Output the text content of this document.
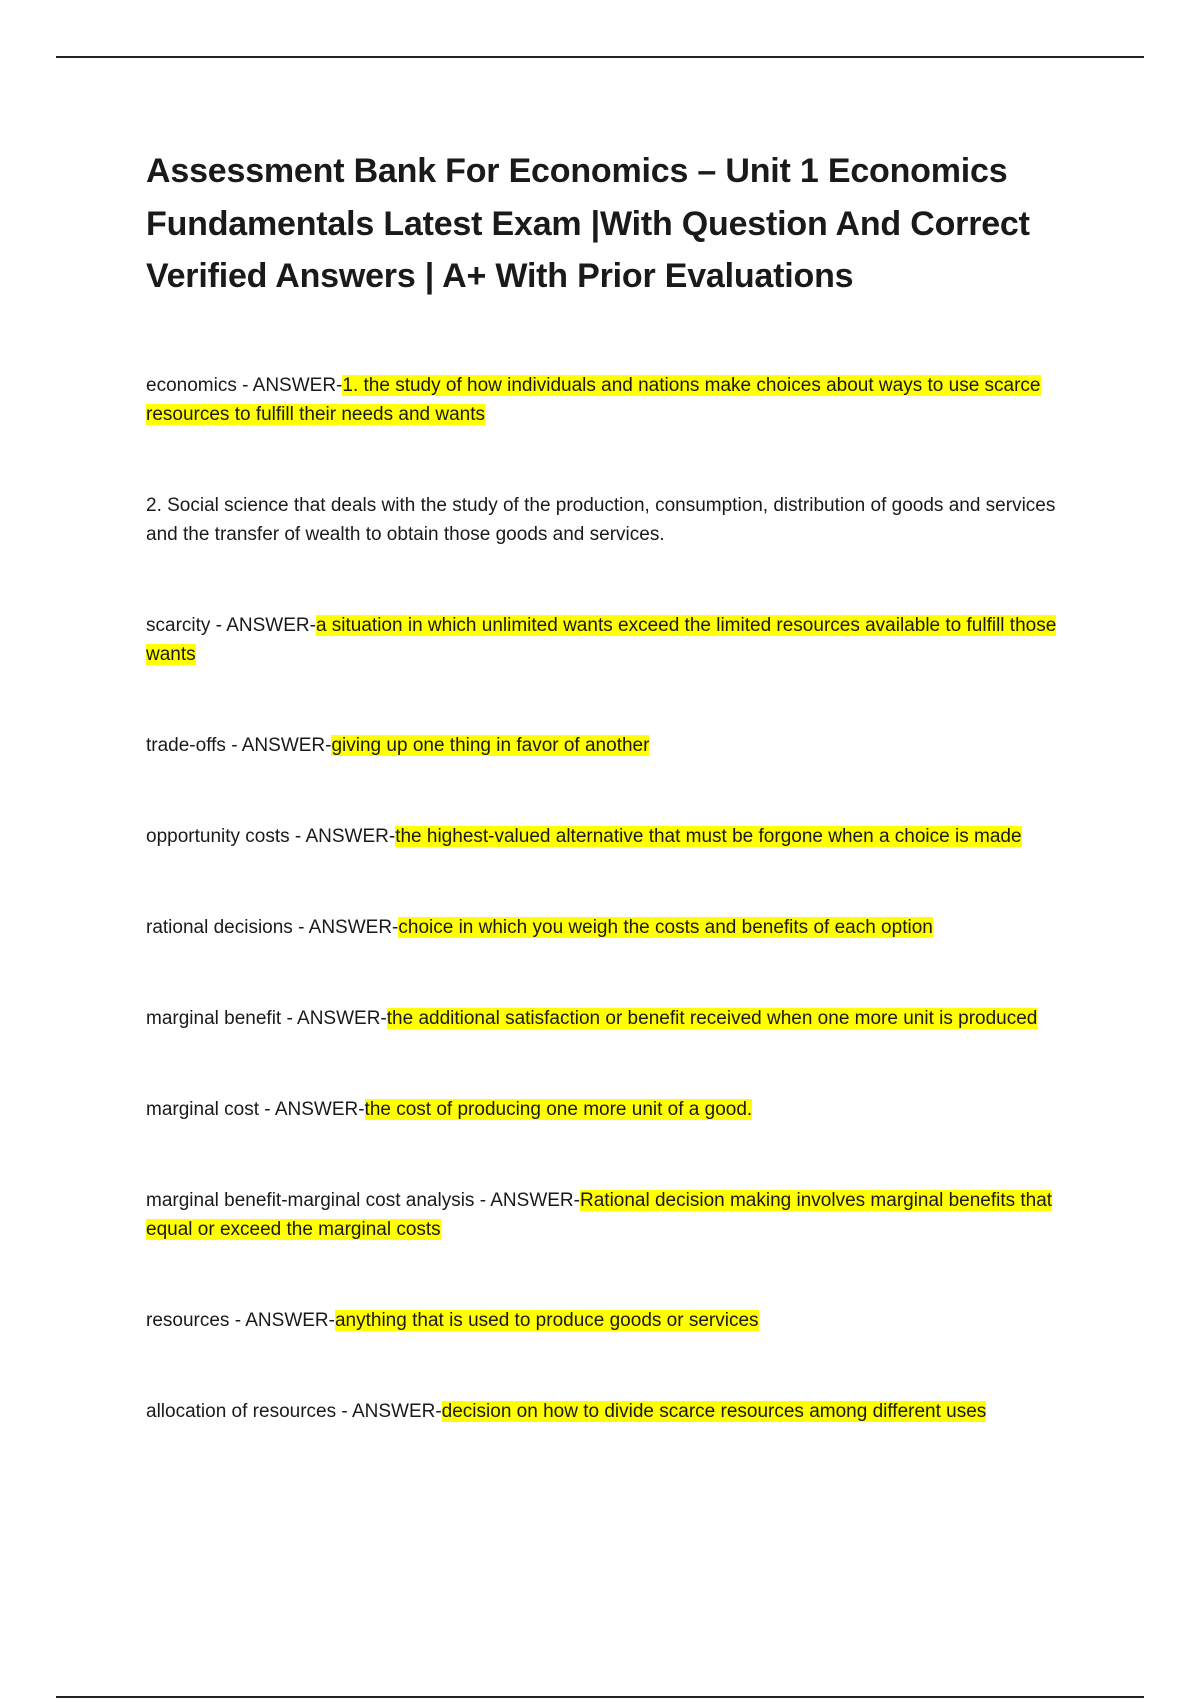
Assessment Bank For Economics – Unit 1 Economics Fundamentals Latest Exam |With Question And Correct Verified Answers | A+ With Prior Evaluations

economics - ANSWER-1. the study of how individuals and nations make choices about ways to use scarce resources to fulfill their needs and wants

2. Social science that deals with the study of the production, consumption, distribution of goods and services and the transfer of wealth to obtain those goods and services.

scarcity - ANSWER-a situation in which unlimited wants exceed the limited resources available to fulfill those wants

trade-offs - ANSWER-giving up one thing in favor of another

opportunity costs - ANSWER-the highest-valued alternative that must be forgone when a choice is made

rational decisions - ANSWER-choice in which you weigh the costs and benefits of each option

marginal benefit - ANSWER-the additional satisfaction or benefit received when one more unit is produced

marginal cost - ANSWER-the cost of producing one more unit of a good.

marginal benefit-marginal cost analysis - ANSWER-Rational decision making involves marginal benefits that equal or exceed the marginal costs

resources - ANSWER-anything that is used to produce goods or services

allocation of resources - ANSWER-decision on how to divide scarce resources among different uses
